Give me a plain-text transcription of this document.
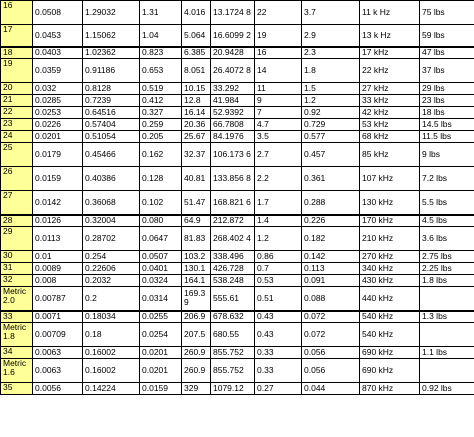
16	0.0508	1.29032	1.31	4.016	13.1724 8	22	3.7	11 k Hz	75 lbs
17	0.0453	1.15062	1.04	5.064	16.6099 2	19	2.9	13 k Hz	59 lbs
18	0.0403	1.02362	0.823	6.385	20.9428	16	2.3	17 kHz	47 lbs
19	0.0359	0.91186	0.653	8.051	26.4072 8	14	1.8	22 kHz	37 lbs
20	0.032	0.8128	0.519	10.15	33.292	11	1.5	27 kHz	29 lbs
21	0.0285	0.7239	0.412	12.8	41.984	9	1.2	33 kHz	23 lbs
22	0.0253	0.64516	0.327	16.14	52.9392	7	0.92	42 kHz	18 lbs
23	0.0226	0.57404	0.259	20.36	66.7808	4.7	0.729	53 kHz	14.5 lbs
24	0.0201	0.51054	0.205	25.67	84.1976	3.5	0.577	68 kHz	11.5 lbs
25	0.0179	0.45466	0.162	32.37	106.173 6	2.7	0.457	85 kHz	9 lbs
26	0.0159	0.40386	0.128	40.81	133.856 8	2.2	0.361	107 kHz	7.2 lbs
27	0.0142	0.36068	0.102	51.47	168.821 6	1.7	0.288	130 kHz	5.5 lbs
28	0.0126	0.32004	0.080	64.9	212.872	1.4	0.226	170 kHz	4.5 lbs
29	0.0113	0.28702	0.0647	81.83	268.402 4	1.2	0.182	210 kHz	3.6 lbs
30	0.01	0.254	0.0507	103.2	338.496	0.86	0.142	270 kHz	2.75 lbs
31	0.0089	0.22606	0.0401	130.1	426.728	0.7	0.113	340 kHz	2.25 lbs
32	0.008	0.2032	0.0324	164.1	538.248	0.53	0.091	430 kHz	1.8 lbs
Metric 2.0	0.00787	0.2	0.0314	169.39	555.61	0.51	0.088	440 kHz	
33	0.0071	0.18034	0.0255	206.9	678.632	0.43	0.072	540 kHz	1.3 lbs
Metric 1.8	0.00709	0.18	0.0254	207.5	680.55	0.43	0.072	540 kHz	
34	0.0063	0.16002	0.0201	260.9	855.752	0.33	0.056	690 kHz	1.1 lbs
Metric 1.6	0.0063	0.16002	0.0201	260.9	855.752	0.33	0.056	690 kHz	
35	0.0056	0.14224	0.0159	329	1079.12	0.27	0.044	870 kHz	0.92 lbs
